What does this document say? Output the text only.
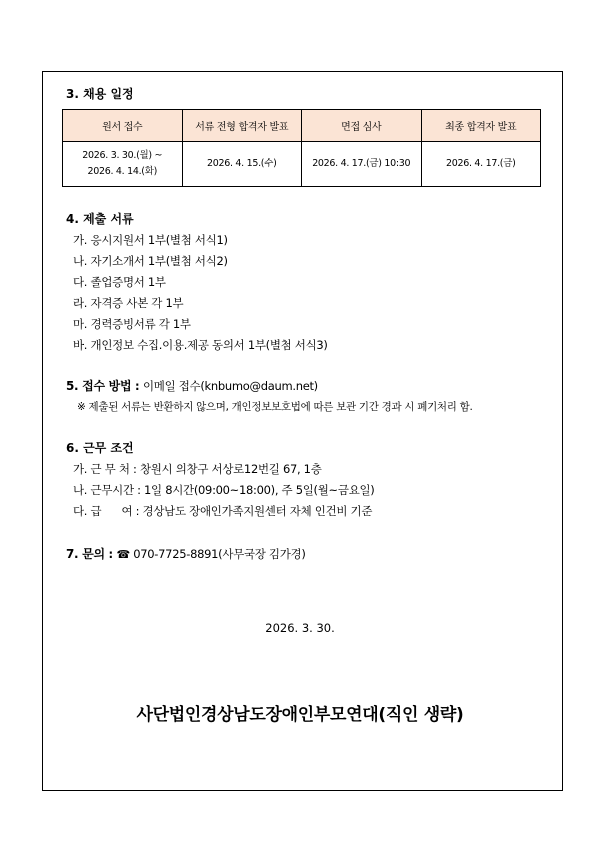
3. 채용 일정
원서 접수	서류 전형 합격자 발표	면접 심사	최종 합격자 발표

2026. 3. 30.(월) ~
2026. 4. 14.(화)	2026. 4. 15.(수)	2026. 4. 17.(금) 10:30	2026. 4. 17.(금)
4. 제출 서류
가. 응시지원서 1부(별첨 서식1)
나. 자기소개서 1부(별첨 서식2)
다. 졸업증명서 1부
라. 자격증 사본 각 1부
마. 경력증빙서류 각 1부
바. 개인정보 수집.이용.제공 동의서 1부(별첨 서식3)
5. 접수 방법 : 이메일 접수(knbumo@daum.net)
※ 제출된 서류는 반환하지 않으며, 개인정보보호법에 따른 보관 기간 경과 시 폐기처리 함.
6. 근무 조건
가. 근 무 처 : 창원시 의창구 서상로12번길 67, 1층
나. 근무시간 : 1일 8시간(09:00~18:00), 주 5일(월~금요일)
다. 급      여 : 경상남도 장애인가족지원센터 자체 인건비 기준
7. 문의 : ☎ 070-7725-8891(사무국장 김가경)
2026. 3. 30.
사단법인경상남도장애인부모연대(직인 생략)
